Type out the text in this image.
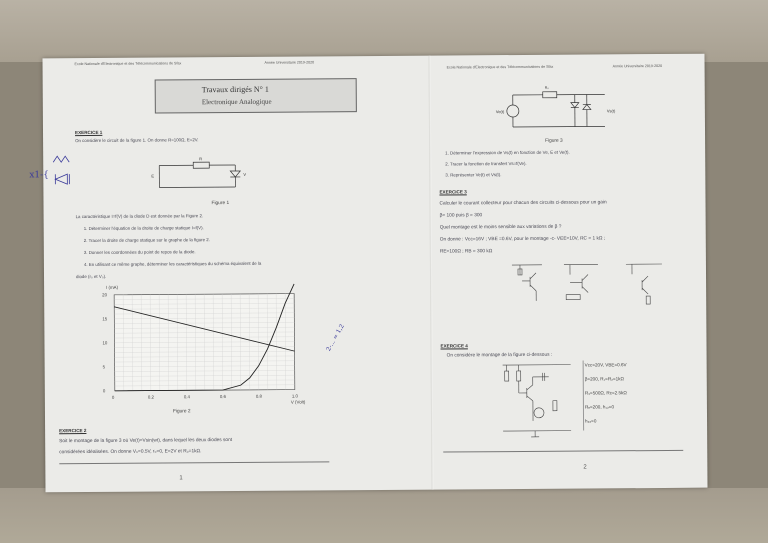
Ecole Nationale d'Electronique et des Télécommunications de Sfax	Année Universitaire 2019-2020
Travaux dirigés N° 1
Electronique Analogique
EXERCICE 1
On considère le circuit de la figure 1. On donne R=100Ω, E=2V.
x1-{
R
E	V
Figure 1
La caractéristique I=f(V) de la diode D est donnée par la Figure 2.
1. Déterminer l'équation de la droite de charge statique I=f(V).
2. Tracer la droite de charge statique sur le graphe de la figure 2.
3. Donner les coordonnées du point de repos de la diode.
4. En utilisant ce même graphe, déterminer les caractéristiques du schéma équivalent de la
diode (r₀ et V₀).
20
15
10
5
0
0	0.2	0.4	0.6	0.8	1.0
I (mA)
V (Volt)
2-... = 1,2
Figure 2
EXERCICE 2
Soit le montage de la figure 3 où Ve(t)=Vsin(wt), dans lequel les deux diodes sont
considérées idéalisées. On donne V₀=0.5V, r₀=0, E=2V et R₀=1kΩ.
1
Ecole Nationale d'Electronique et des Télécommunications de Sfax	Année Universitaire 2019-2020
Ve(t)	Vs(t)
R₀
Figure 3
1. Déterminer l'expression de Vs(t) en fonction de Ve, E et Ve(t).
2. Tracer la fonction de transfert Vs=f(Ve).
3. Représenter Ve(t) et Vs(t).
EXERCICE 3
Calculer le courant collecteur pour chacun des circuits ci-dessous pour un gain
β= 100 puis β = 300
Quel montage est le moins sensible aux variations de β ?
On donne : Vcc=16V ; VBE =0.6V, pour le montage -c- VEE=10V, RC = 1 kΩ ;
RE=100Ω ; RB = 300 kΩ
EXERCICE 4
On considère le montage de la figure ci-dessous :
Vcc=20V, VBE=0.6V
β=200, R₁=R₂=1kΩ
R₃=500Ω, Rc=2.5kΩ
Rₑ=200, h₁₂=0
h₂₂=0
2
